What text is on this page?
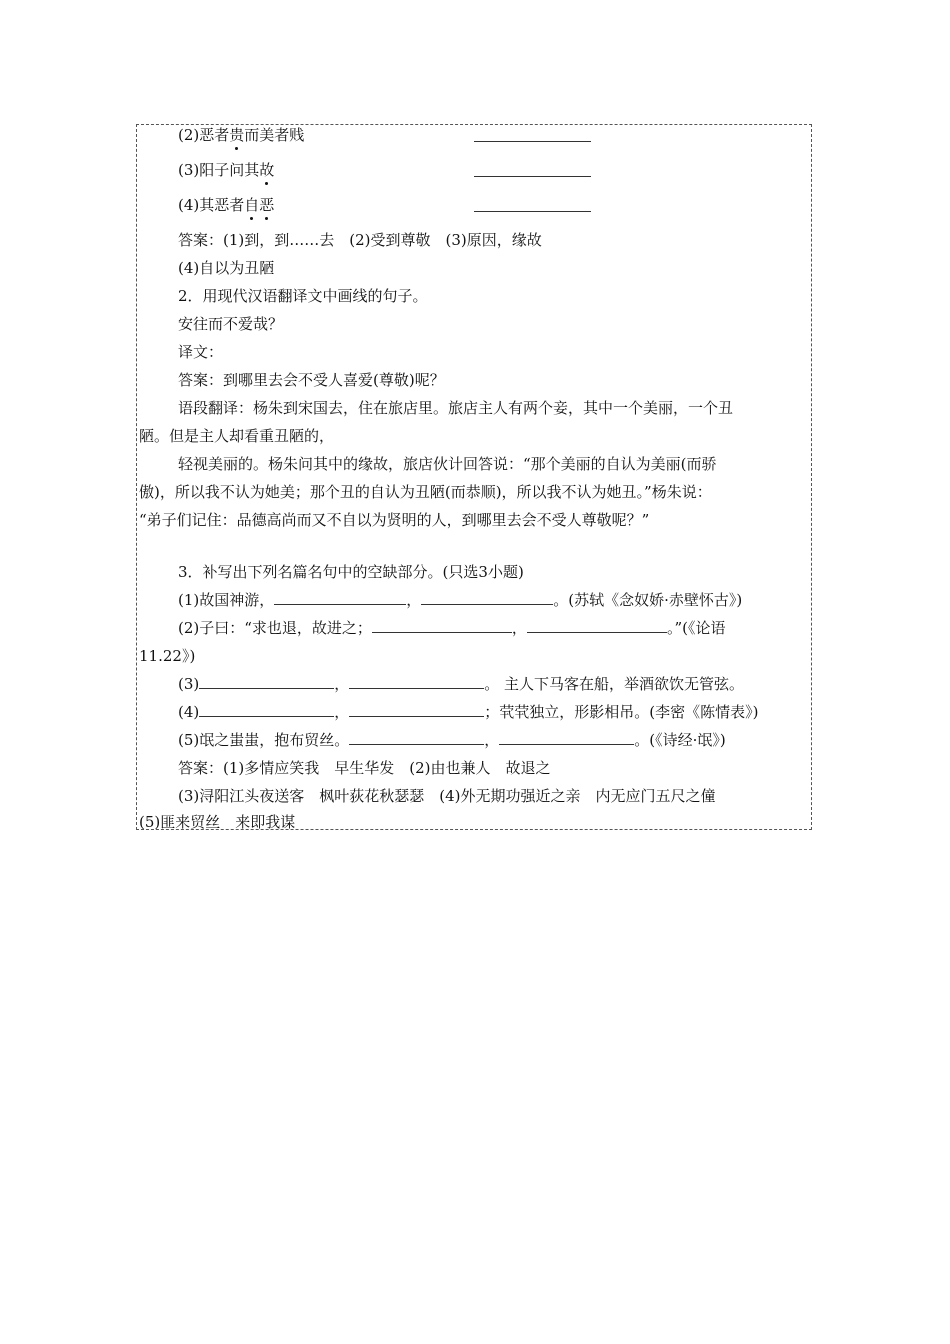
(2)恶者贵而美者贱
(3)阳子问其故
(4)其恶者自恶
答案：(1)到，到……去　(2)受到尊敬　(3)原因，缘故
(4)自以为丑陋
2．用现代汉语翻译文中画线的句子。
安往而不爱哉？
译文：
答案：到哪里去会不受人喜爱(尊敬)呢？
语段翻译：杨朱到宋国去，住在旅店里。旅店主人有两个妾，其中一个美丽，一个丑
陋。但是主人却看重丑陋的，
轻视美丽的。杨朱问其中的缘故，旅店伙计回答说：“那个美丽的自认为美丽(而骄
傲)，所以我不认为她美；那个丑的自认为丑陋(而恭顺)，所以我不认为她丑。”杨朱说：
“弟子们记住：品德高尚而又不自以为贤明的人，到哪里去会不受人尊敬呢？”
3．补写出下列名篇名句中的空缺部分。(只选3小题)
(1)故国神游，	，	。(苏轼《念奴娇·赤壁怀古》)
(2)子曰：“求也退，故进之；	，	。”(《论语
11.22》)
(3)	，	。 主人下马客在船，举酒欲饮无管弦。
(4)	，	；茕茕独立，形影相吊。(李密《陈情表》)
(5)氓之蚩蚩，抱布贸丝。	，	。(《诗经·氓》)
答案：(1)多情应笑我　早生华发　(2)由也兼人　故退之
(3)浔阳江头夜送客　枫叶荻花秋瑟瑟　(4)外无期功强近之亲　内无应门五尺之僮
(5)匪来贸丝　来即我谋
